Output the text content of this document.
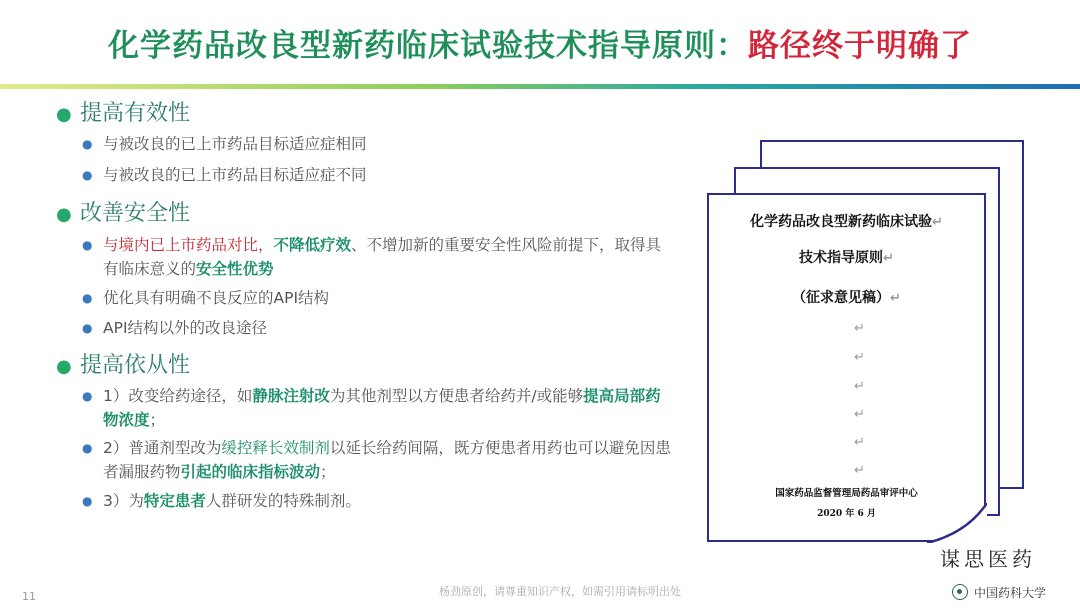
化学药品改良型新药临床试验技术指导原则：路径终于明确了
● 提高有效性
● 与被改良的已上市药品目标适应症相同
● 与被改良的已上市药品目标适应症不同
● 改善安全性
● 与境内已上市药品对比，不降低疗效、不增加新的重要安全性风险前提下，取得具有临床意义的安全性优势
● 优化具有明确不良反应的API结构
● API结构以外的改良途径
● 提高依从性
● 1）改变给药途径，如静脉注射改为其他剂型以方便患者给药并/或能够提高局部药物浓度；
● 2）普通剂型改为缓控释长效制剂以延长给药间隔，既方便患者用药也可以避免因患者漏服药物引起的临床指标波动；
● 3）为特定患者人群研发的特殊制剂。
化学药品改良型新药临床试验↵
技术指导原则↵
（征求意见稿）↵
↵
↵
↵
↵
↵
↵
国家药品监督管理局药品审评中心
2020 年 6 月
谋思医药
11	杨劲原创，请尊重知识产权，如需引用请标明出处	中国药科大学
